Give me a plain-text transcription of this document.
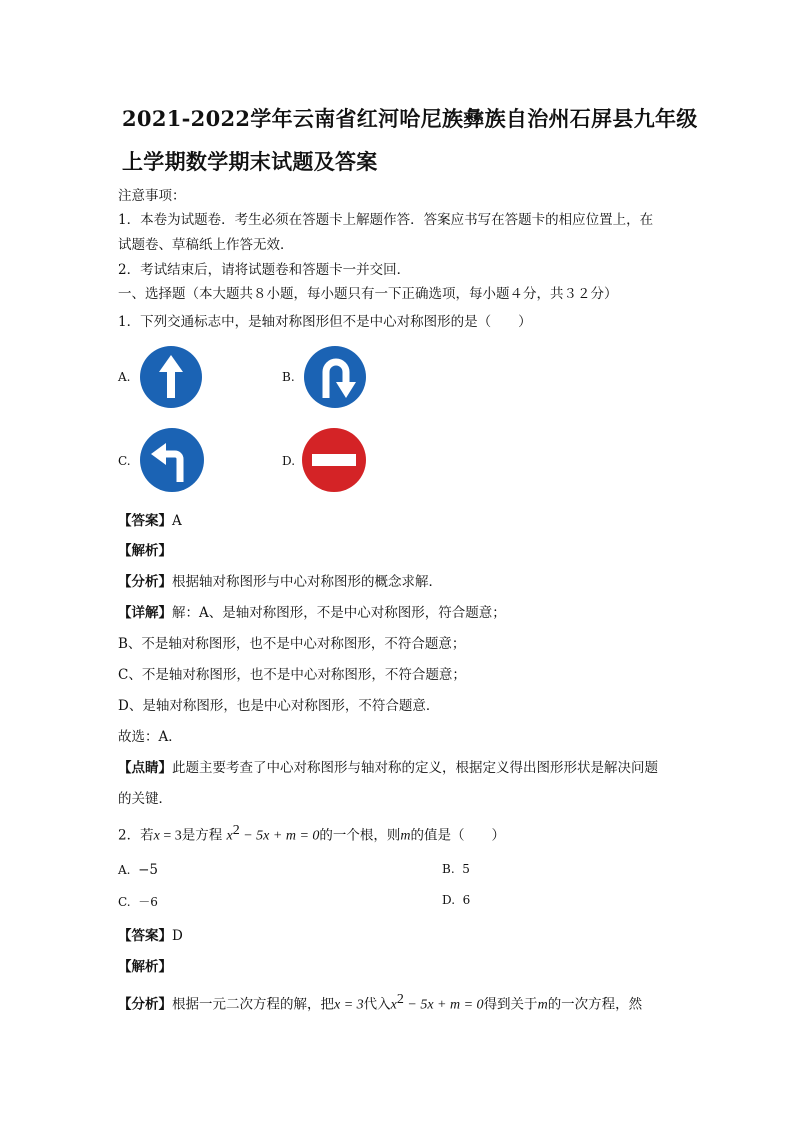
2021-2022学年云南省红河哈尼族彝族自治州石屏县九年级
上学期数学期末试题及答案
注意事项：
1．本卷为试题卷．考生必须在答题卡上解题作答．答案应书写在答题卡的相应位置上，在
试题卷、草稿纸上作答无效．
2．考试结束后，请将试题卷和答题卡一并交回．
一、选择题（本大题共８小题，每小题只有一下正确选项，每小题４分，共３２分）
1．下列交通标志中，是轴对称图形但不是中心对称图形的是（　　）
A.	B.
C.	D.
【答案】A
【解析】
【分析】根据轴对称图形与中心对称图形的概念求解．
【详解】解：A、是轴对称图形，不是中心对称图形，符合题意；
B、不是轴对称图形，也不是中心对称图形，不符合题意；
C、不是轴对称图形，也不是中心对称图形，不符合题意；
D、是轴对称图形，也是中心对称图形，不符合题意．
故选：A．
【点睛】此题主要考查了中心对称图形与轴对称的定义，根据定义得出图形形状是解决问题
的关键．
2．若x = 3是方程 $x^2 - 5x + m = 0$的一个根，则m的值是（　　）
A. −5	B. 5
C. －6	D. 6
【答案】D
【解析】
【分析】根据一元二次方程的解，把x = 3代入$x^2 - 5x + m = 0$得到关于m的一次方程，然
